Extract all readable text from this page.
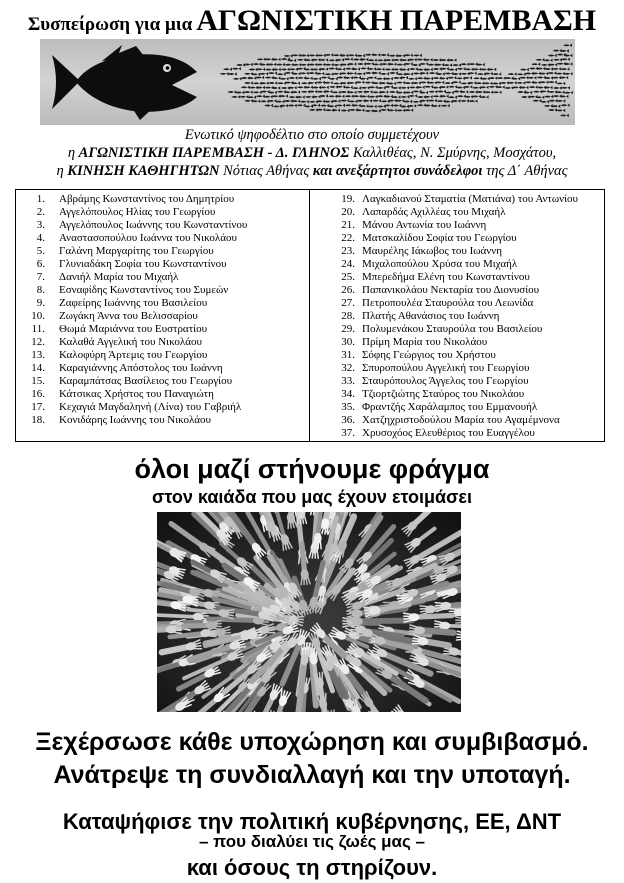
Συσπείρωση για μια ΑΓΩΝΙΣΤΙΚΗ ΠΑΡΕΜΒΑΣΗ
Ενωτικό ψηφοδέλτιο στο οποίο συμμετέχουν
η ΑΓΩΝΙΣΤΙΚΗ ΠΑΡΕΜΒΑΣΗ - Δ. ΓΛΗΝΟΣ Καλλιθέας, Ν. Σμύρνης, Μοσχάτου,
η ΚΙΝΗΣΗ ΚΑΘΗΓΗΤΩΝ Νότιας Αθήνας και ανεξάρτητοι συνάδελφοι της Δ΄ Αθήνας
1. Αβράμης Κωνσταντίνος του Δημητρίου
2. Αγγελόπουλος Ηλίας του Γεωργίου
3. Αγγελόπουλος Ιωάννης του Κωνσταντίνου
4. Αναστασοπούλου Ιωάννα του Νικολάου
5. Γαλάνη Μαργαρίτης του Γεωργίου
6. Γλυνιαδάκη Σοφία του Κωνσταντίνου
7. Δανιήλ Μαρία του Μιχαήλ
8. Εσναφίδης Κωνσταντίνος του Συμεών
9. Ζαφείρης Ιωάννης του Βασιλείου
10. Ζωγάκη Άννα του Βελισσαρίου
11. Θωμά Μαριάννα του Ευστρατίου
12. Καλαθά Αγγελική του Νικολάου
13. Καλοφύρη Άρτεμις του Γεωργίου
14. Καραγιάννης Απόστολος του Ιωάννη
15. Καραμπάτσας Βασίλειος του Γεωργίου
16. Κάτσικας Χρήστος του Παναγιώτη
17. Κεχαγιά Μαγδαληνή (Λίνα) του Γαβριήλ
18. Κονιδάρης Ιωάννης του Νικολάου
19. Λαγκαδιανού Σταματία (Ματιάνα) του Αντωνίου
20. Λαπαρδάς Αχιλλέας του Μιχαήλ
21. Μάνου Αντωνία του Ιωάννη
22. Ματσκαλίδου Σοφία του Γεωργίου
23. Μαυρέλης Ιάκωβος του Ιωάννη
24. Μιχαλοπούλου Χρύσα του Μιχαήλ
25. Μπερεδήμα Ελένη του Κωνσταντίνου
26. Παπανικολάου Νεκταρία του Διονυσίου
27. Πετροπουλέα Σταυρούλα του Λεωνίδα
28. Πλατής Αθανάσιος του Ιωάννη
29. Πολυμενάκου Σταυρούλα του Βασιλείου
30. Πρίμη Μαρία του Νικολάου
31. Σόφης Γεώργιος του Χρήστου
32. Σπυροπούλου Αγγελική του Γεωργίου
33. Σταυρόπουλος Άγγελος του Γεωργίου
34. Τζιορτζιώτης Σταύρος του Νικολάου
35. Φραντζής Χαράλαμπος του Εμμανουήλ
36. Χατζηχριστοδούλου Μαρία του Αγαμέμνονα
37. Χρυσοχόος Ελευθέριος του Ευαγγέλου
όλοι μαζί στήνουμε φράγμα
στον καιάδα που μας έχουν ετοιμάσει
Ξεχέρσωσε κάθε υποχώρηση και συμβιβασμό.
Ανάτρεψε τη συνδιαλλαγή και την υποταγή.
Καταψήφισε την πολιτική κυβέρνησης, ΕΕ, ΔΝΤ
– που διαλύει τις ζωές μας –
και όσους τη στηρίζουν.
